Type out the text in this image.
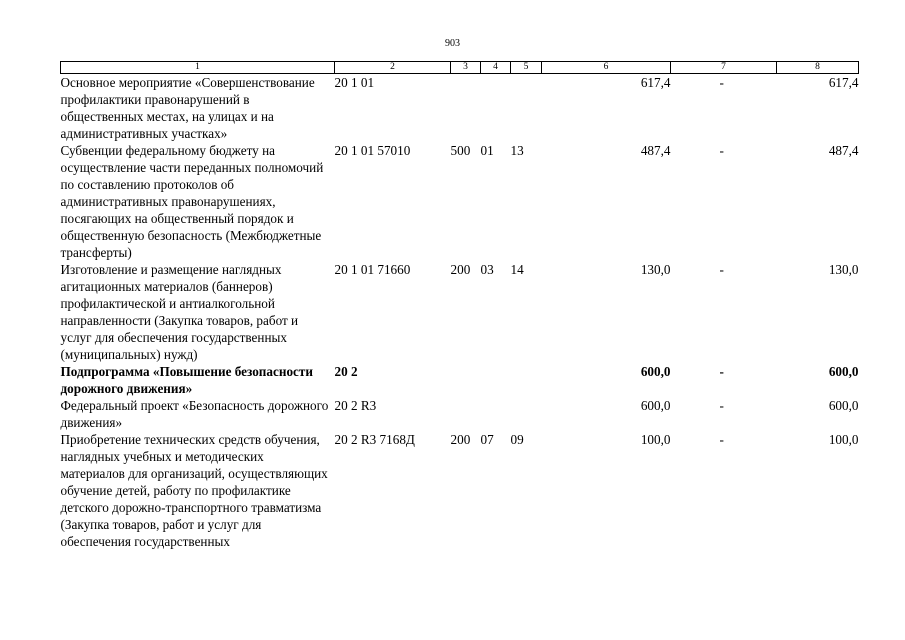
903
1	2	3	4	5	6	7	8
Основное мероприятие «Совершенствование профилактики правонарушений в общественных местах, на улицах и на административных участках»	20 1 01				617,4	-	617,4
Субвенции федеральному бюджету на осуществление части переданных полномочий по составлению протоколов об административных правонарушениях, посягающих на общественный порядок и общественную безопасность (Межбюджетные трансферты)	20 1 01 57010	500	01	13	487,4	-	487,4
Изготовление и размещение наглядных агитационных материалов (баннеров) профилактической и антиалкогольной направленности (Закупка товаров, работ и услуг для обеспечения государственных (муниципальных) нужд)	20 1 01 71660	200	03	14	130,0	-	130,0
Подпрограмма «Повышение безопасности дорожного движения»	20 2				600,0	-	600,0
Федеральный проект «Безопасность дорожного движения»	20 2 R3				600,0	-	600,0
Приобретение технических средств обучения, наглядных учебных и методических материалов для организаций, осуществляющих обучение детей, работу по профилактике детского дорожно-транспортного травматизма (Закупка товаров, работ и услуг для обеспечения государственных	20 2 R3 7168Д	200	07	09	100,0	-	100,0
